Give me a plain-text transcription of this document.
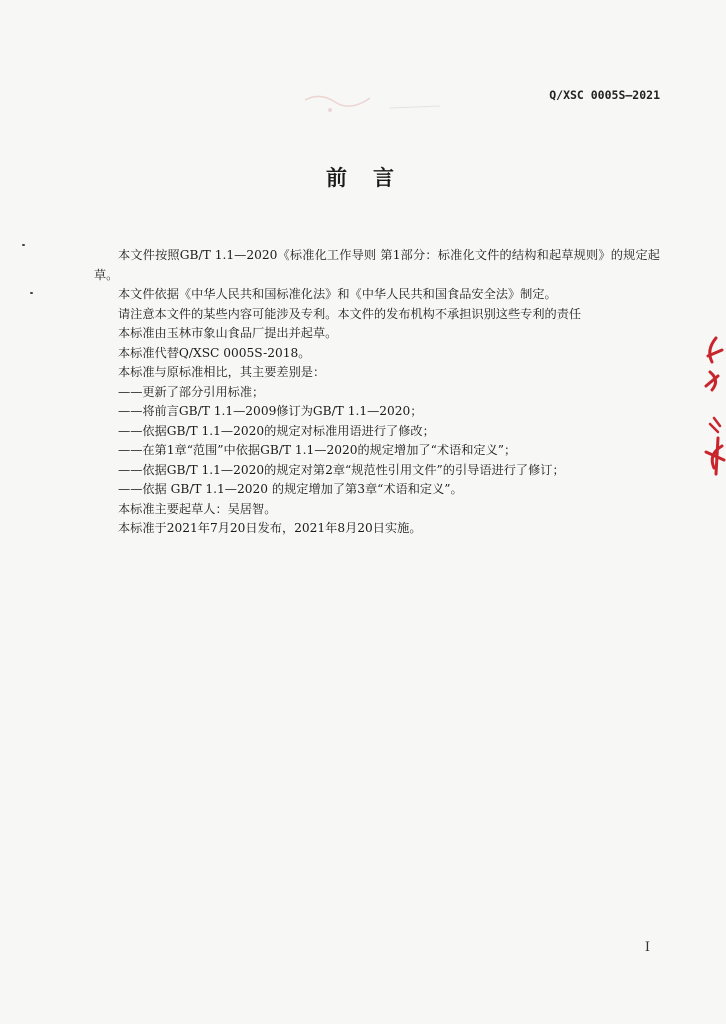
Q/XSC 0005S—2021
前言

本文件按照GB/T 1.1—2020《标准化工作导则 第1部分：标准化文件的结构和起草规则》的规定起草。

本文件依据《中华人民共和国标准化法》和《中华人民共和国食品安全法》制定。

请注意本文件的某些内容可能涉及专利。本文件的发布机构不承担识别这些专利的责任

本标准由玉林市象山食品厂提出并起草。

本标准代替Q/XSC 0005S-2018。

本标准与原标准相比，其主要差别是：

——更新了部分引用标准；

——将前言GB/T 1.1—2009修订为GB/T 1.1—2020；

——依据GB/T 1.1—2020的规定对标准用语进行了修改；

——在第1章“范围”中依据GB/T 1.1—2020的规定增加了“术语和定义”；

——依据GB/T 1.1—2020的规定对第2章“规范性引用文件”的引导语进行了修订；

——依据 GB/T 1.1—2020 的规定增加了第3章“术语和定义”。

本标准主要起草人：吴居智。

本标准于2021年7月20日发布，2021年8月20日实施。

I
